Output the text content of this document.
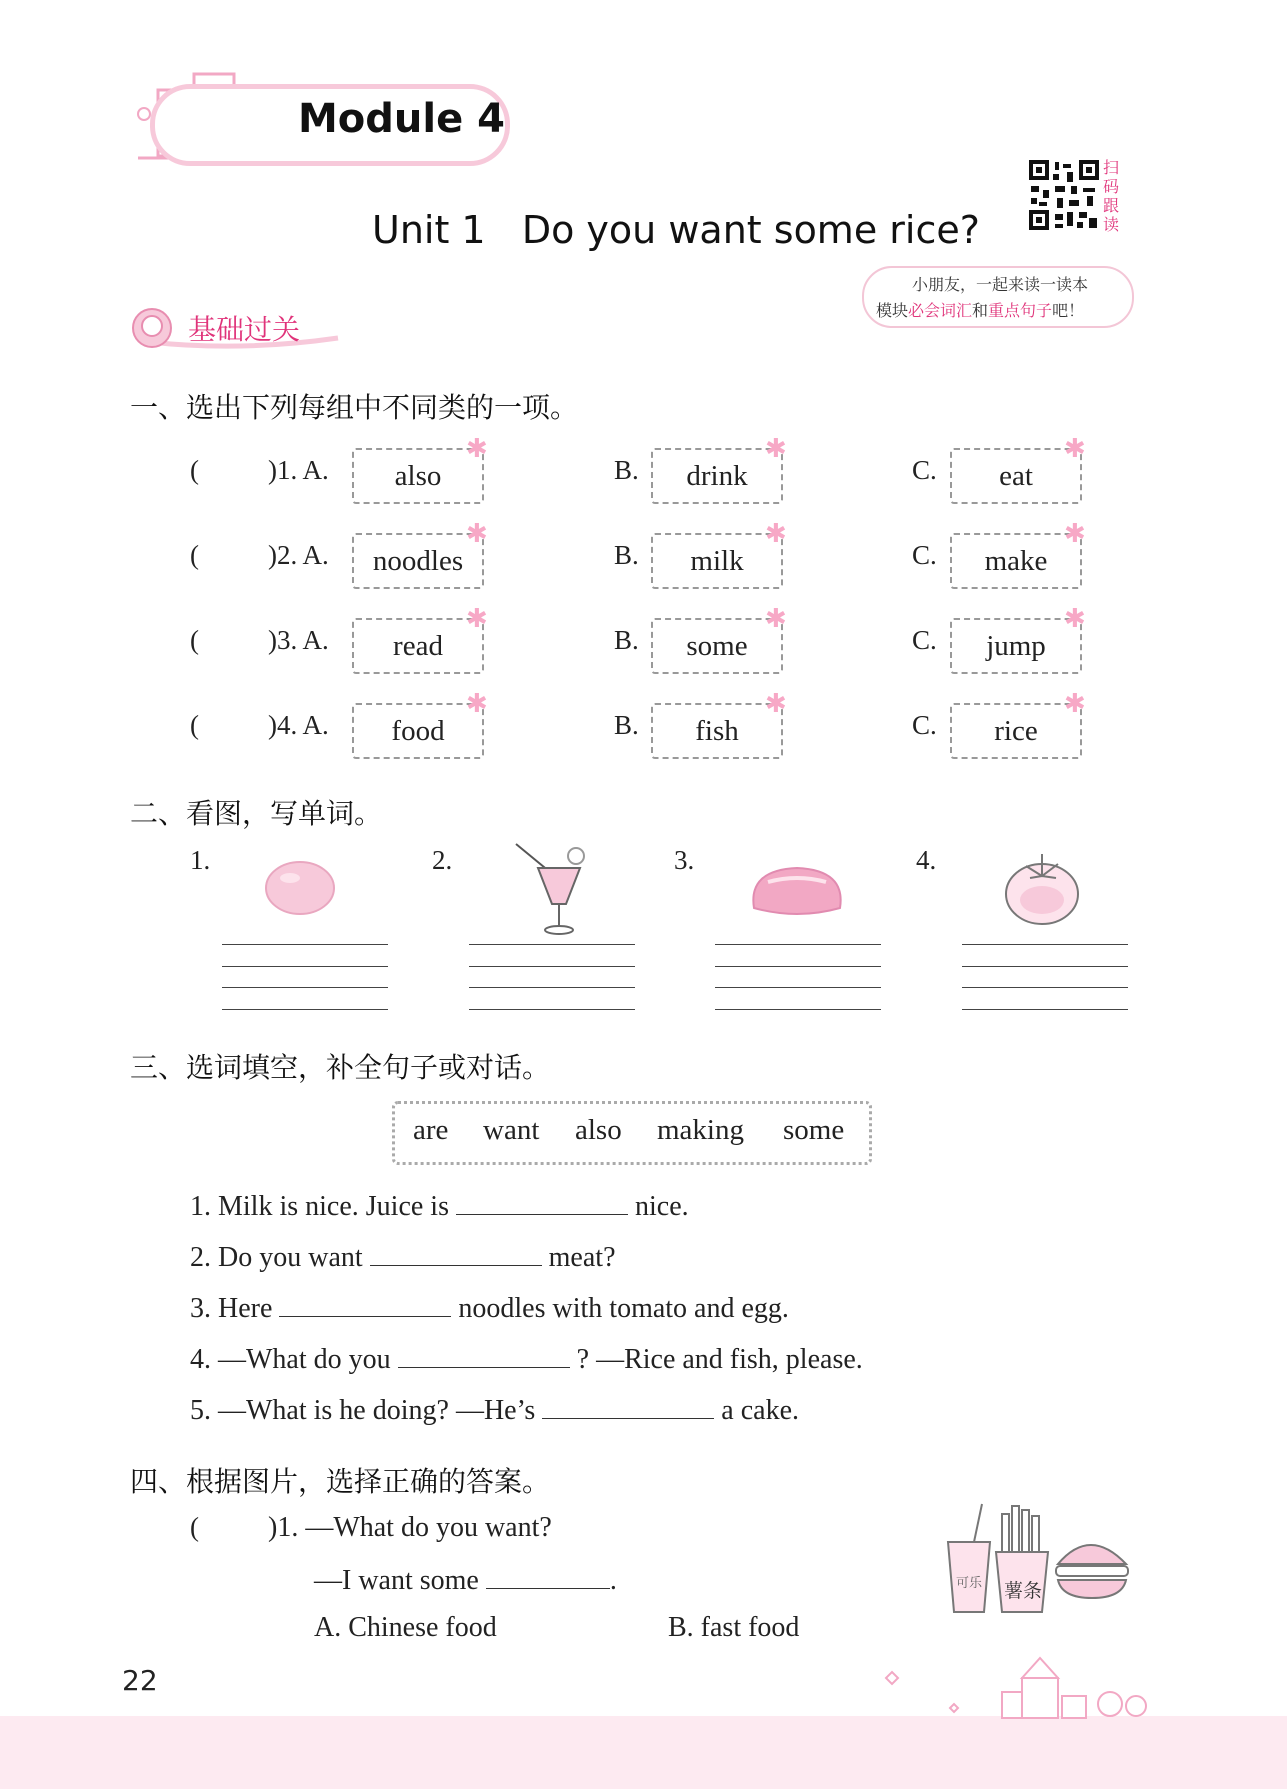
Module 4
Unit 1   Do you want some rice?
扫
码
跟
读
小朋友，一起来读一读本
模块必会词汇和重点句子吧！
基础过关
一、选出下列每组中不同类的一项。
(	)1. A.	also
✱
B.	drink
✱
C.	eat
✱
(	)2. A.	noodles
✱
B.	milk
✱
C.	make
✱
(	)3. A.	read
✱
B.	some
✱
C.	jump
✱
(	)4. A.	food
✱
B.	fish
✱
C.	rice
✱
二、看图，写单词。
1.	2.	3.	4.
三、选词填空，补全句子或对话。
are want also making some
1. Milk is nice. Juice is	nice.
2. Do you want	meat?
3. Here	noodles with tomato and egg.
4. —What do you	? —Rice and fish, please.
5. —What is he doing? —He’s	a cake.
四、根据图片，选择正确的答案。
( )1. —What do you want?
—I want some	.
A. Chinese food	B. fast food
可乐 薯条
22
